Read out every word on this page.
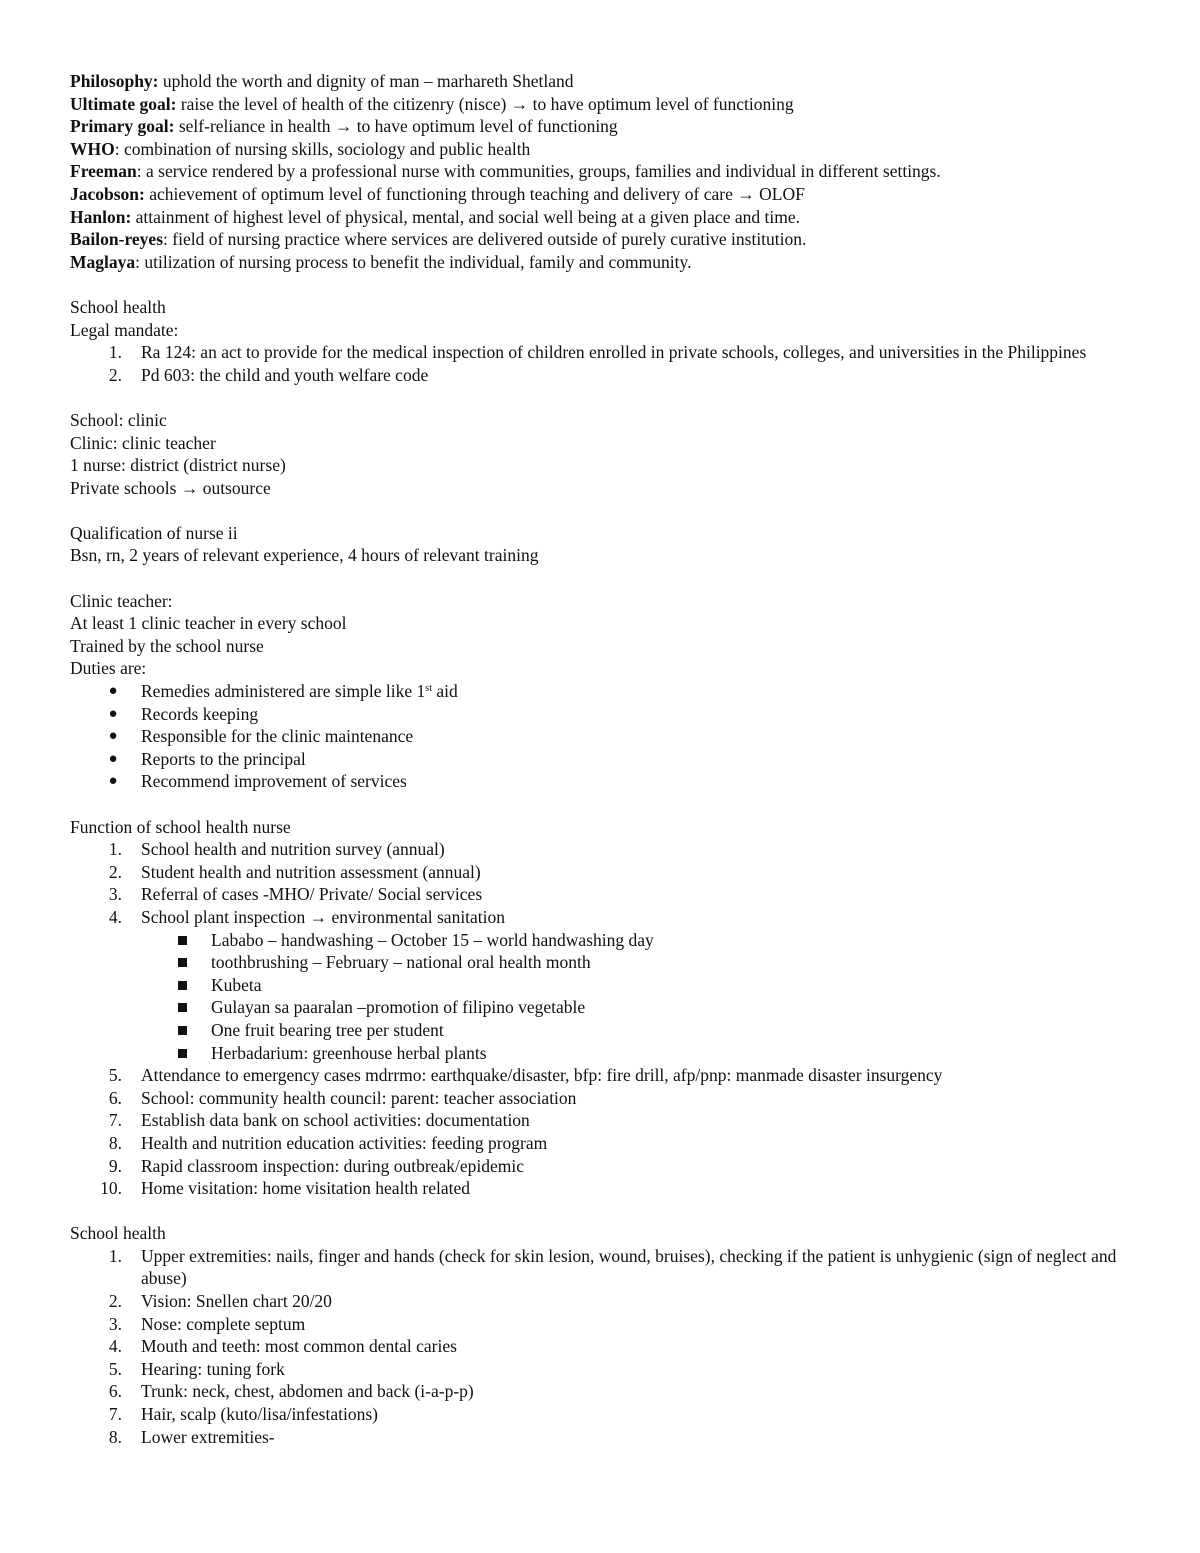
Philosophy: uphold the worth and dignity of man – marhareth Shetland
Ultimate goal: raise the level of health of the citizenry (nisce) → to have optimum level of functioning
Primary goal: self-reliance in health → to have optimum level of functioning
WHO: combination of nursing skills, sociology and public health
Freeman: a service rendered by a professional nurse with communities, groups, families and individual in different settings.
Jacobson: achievement of optimum level of functioning through teaching and delivery of care → OLOF
Hanlon: attainment of highest level of physical, mental, and social well being at a given place and time.
Bailon-reyes: field of nursing practice where services are delivered outside of purely curative institution.
Maglaya: utilization of nursing process to benefit the individual, family and community.
School health
Legal mandate:
1. Ra 124: an act to provide for the medical inspection of children enrolled in private schools, colleges, and universities in the Philippines
2. Pd 603: the child and youth welfare code
School: clinic
Clinic: clinic teacher
1 nurse: district (district nurse)
Private schools → outsource
Qualification of nurse ii
Bsn, rn, 2 years of relevant experience, 4 hours of relevant training
Clinic teacher:
At least 1 clinic teacher in every school
Trained by the school nurse
Duties are:
● Remedies administered are simple like 1st aid
● Records keeping
● Responsible for the clinic maintenance
● Reports to the principal
● Recommend improvement of services
Function of school health nurse
1. School health and nutrition survey (annual)
2. Student health and nutrition assessment (annual)
3. Referral of cases -MHO/ Private/ Social services
4. School plant inspection → environmental sanitation
Lababo – handwashing – October 15 – world handwashing day
toothbrushing – February – national oral health month
Kubeta
Gulayan sa paaralan –promotion of filipino vegetable
One fruit bearing tree per student
Herbadarium: greenhouse herbal plants
5. Attendance to emergency cases mdrrmo: earthquake/disaster, bfp: fire drill, afp/pnp: manmade disaster insurgency
6. School: community health council: parent: teacher association
7. Establish data bank on school activities: documentation
8. Health and nutrition education activities: feeding program
9. Rapid classroom inspection: during outbreak/epidemic
10. Home visitation: home visitation health related
School health
1. Upper extremities: nails, finger and hands (check for skin lesion, wound, bruises), checking if the patient is unhygienic (sign of neglect and abuse)
2. Vision: Snellen chart 20/20
3. Nose: complete septum
4. Mouth and teeth: most common dental caries
5. Hearing: tuning fork
6. Trunk: neck, chest, abdomen and back (i-a-p-p)
7. Hair, scalp (kuto/lisa/infestations)
8. Lower extremities-
